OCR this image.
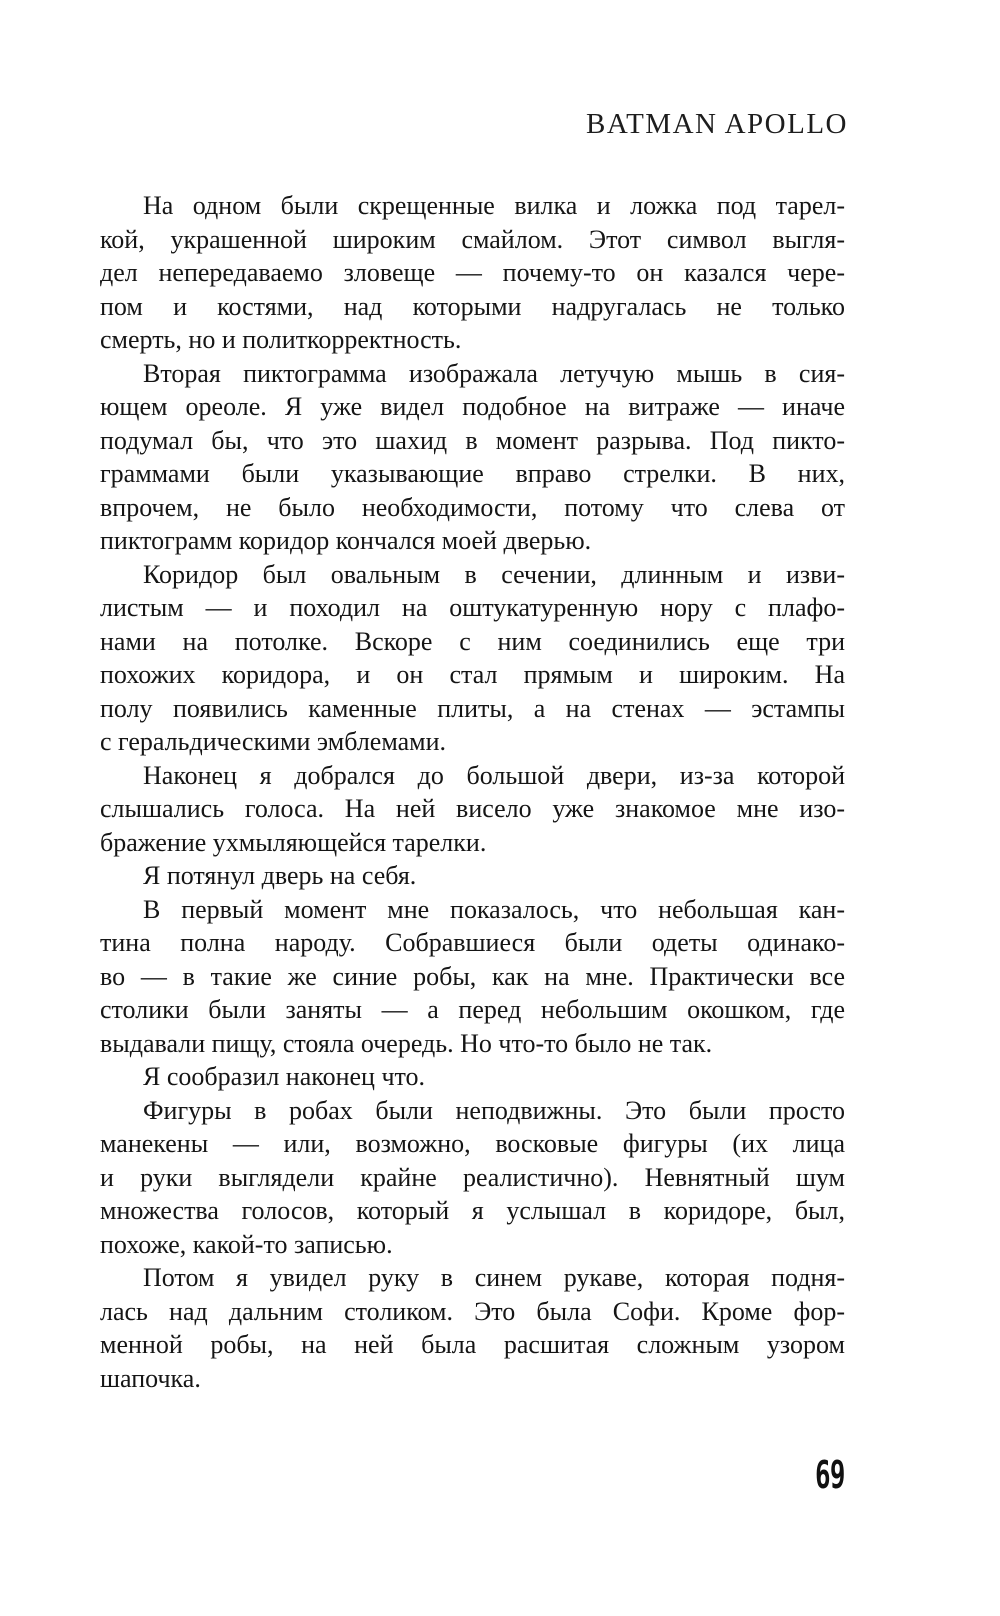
BATMAN APOLLO
На одном были скрещенные вилка и ложка под тарел-
кой, украшенной широким смайлом. Этот символ выгля-
дел непередаваемо зловеще — почему-то он казался чере-
пом и костями, над которыми надругалась не только
смерть, но и политкорректность.
Вторая пиктограмма изображала летучую мышь в сия-
ющем ореоле. Я уже видел подобное на витраже — иначе
подумал бы, что это шахид в момент разрыва. Под пикто-
граммами были указывающие вправо стрелки. В них,
впрочем, не было необходимости, потому что слева от
пиктограмм коридор кончался моей дверью.
Коридор был овальным в сечении, длинным и изви-
листым — и походил на оштукатуренную нору с плафо-
нами на потолке. Вскоре с ним соединились еще три
похожих коридора, и он стал прямым и широким. На
полу появились каменные плиты, а на стенах — эстампы
с геральдическими эмблемами.
Наконец я добрался до большой двери, из-за которой
слышались голоса. На ней висело уже знакомое мне изо-
бражение ухмыляющейся тарелки.
Я потянул дверь на себя.
В первый момент мне показалось, что небольшая кан-
тина полна народу. Собравшиеся были одеты одинако-
во — в такие же синие робы, как на мне. Практически все
столики были заняты — а перед небольшим окошком, где
выдавали пищу, стояла очередь. Но что-то было не так.
Я сообразил наконец что.
Фигуры в робах были неподвижны. Это были просто
манекены — или, возможно, восковые фигуры (их лица
и руки выглядели крайне реалистично). Невнятный шум
множества голосов, который я услышал в коридоре, был,
похоже, какой-то записью.
Потом я увидел руку в синем рукаве, которая подня-
лась над дальним столиком. Это была Софи. Кроме фор-
менной робы, на ней была расшитая сложным узором
шапочка.
69
